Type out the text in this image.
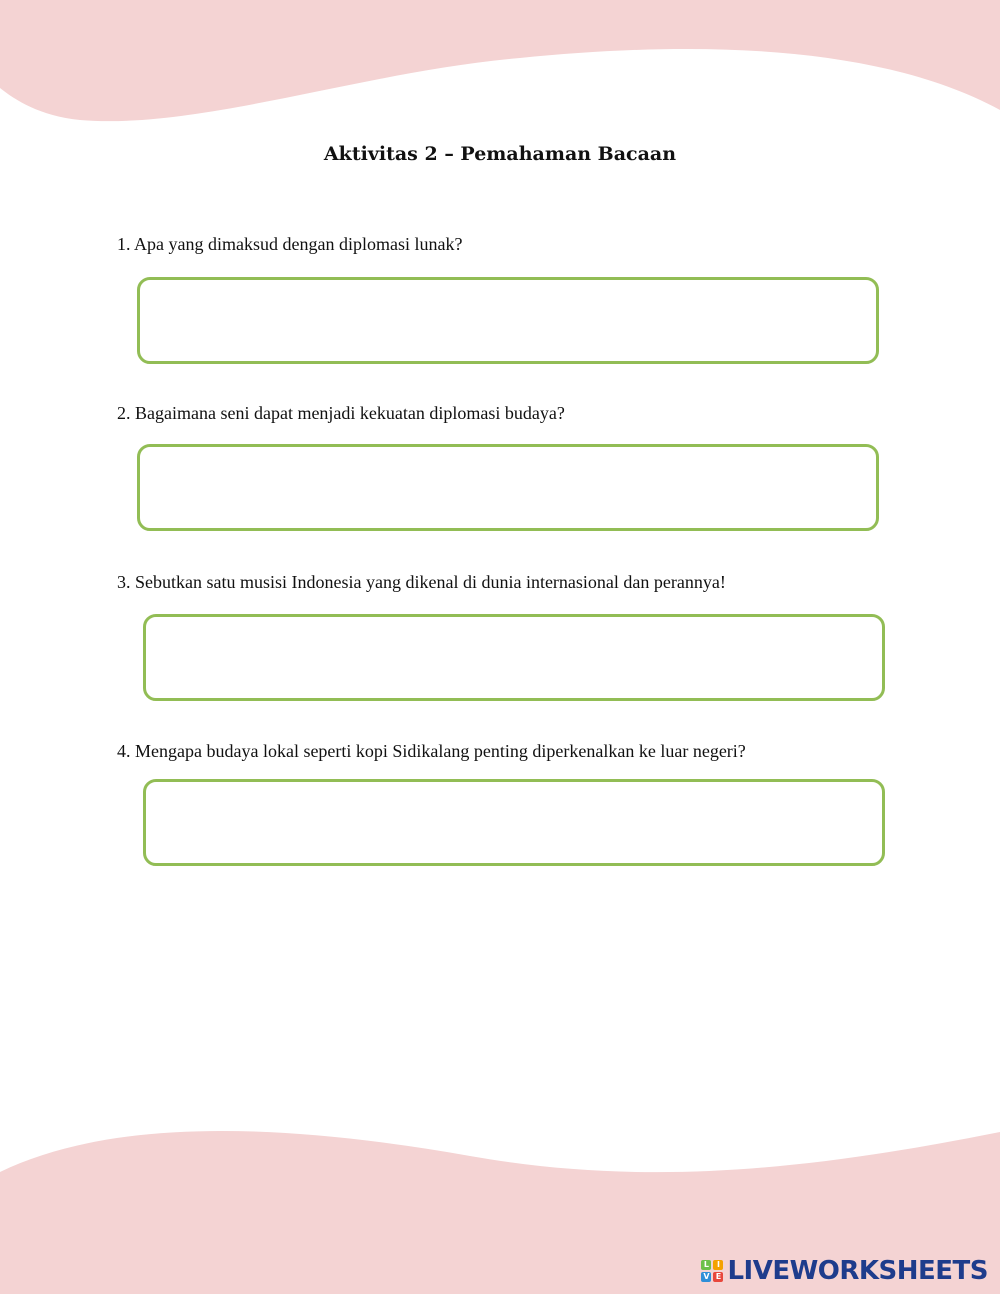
Aktivitas 2 – Pemahaman Bacaan
1. Apa yang dimaksud dengan diplomasi lunak?
2. Bagaimana seni dapat menjadi kekuatan diplomasi budaya?
3. Sebutkan satu musisi Indonesia yang dikenal di dunia internasional dan perannya!
4. Mengapa budaya lokal seperti kopi Sidikalang penting diperkenalkan ke luar negeri?
L I
V E LIVEWORKSHEETS
